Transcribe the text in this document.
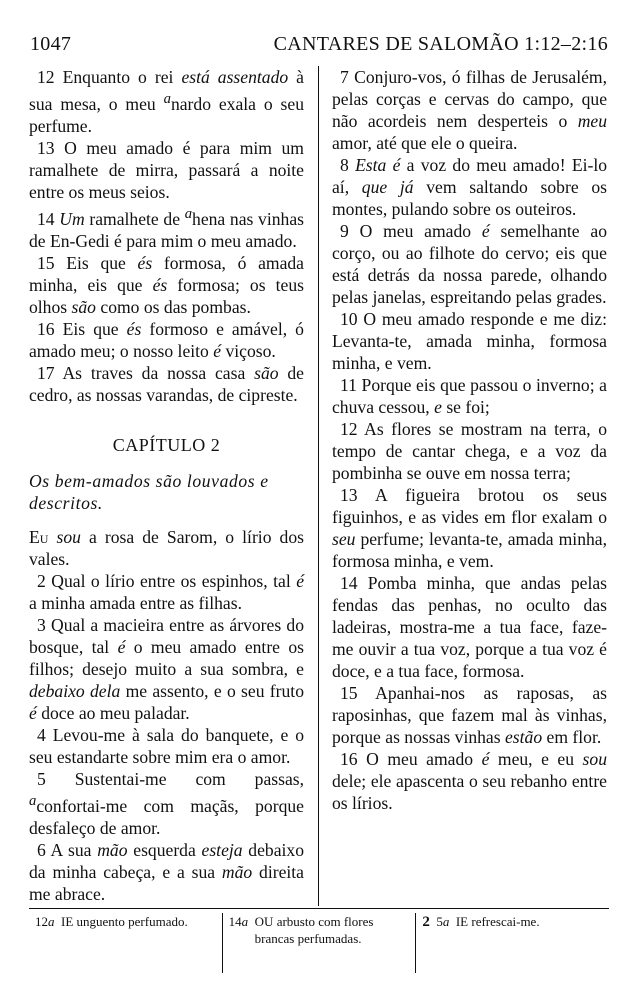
1047	CANTARES DE SALOMÃO 1:12–2:16

12 Enquanto o rei está assentado à sua mesa, o meu $^a$nardo exala o seu perfume.

13 O meu amado é para mim um ramalhete de mirra, passará a noite entre os meus seios.

14 Um ramalhete de $^a$hena nas vinhas de En-Gedi é para mim o meu amado.

15 Eis que és formosa, ó amada minha, eis que és formosa; os teus olhos são como os das pombas.

16 Eis que és formoso e amável, ó amado meu; o nosso leito é viçoso.

17 As traves da nossa casa são de cedro, as nossas varandas, de cipreste.

CAPÍTULO 2

Os bem-amados são louvados e descritos.

Eu sou a rosa de Sarom, o lírio dos vales.

2 Qual o lírio entre os espinhos, tal é a minha amada entre as filhas.

3 Qual a macieira entre as árvores do bosque, tal é o meu amado entre os filhos; desejo muito a sua sombra, e debaixo dela me assento, e o seu fruto é doce ao meu paladar.

4 Levou-me à sala do banquete, e o seu estandarte sobre mim era o amor.

5 Sustentai-me com passas, $^a$confortai-me com maçãs, porque desfaleço de amor.

6 A sua mão esquerda esteja debaixo da minha cabeça, e a sua mão direita me abrace.

7 Conjuro-vos, ó filhas de Jerusalém, pelas corças e cervas do campo, que não acordeis nem despertеis o meu amor, até que ele o queira.

8 Esta é a voz do meu amado! Ei-lo aí, que já vem saltando sobre os montes, pulando sobre os outeiros.

9 O meu amado é semelhante ao corço, ou ao filhote do cervo; eis que está detrás da nossa parede, olhando pelas janelas, espreitando pelas grades.

10 O meu amado responde e me diz: Levanta-te, amada minha, formosa minha, e vem.

11 Porque eis que passou o inverno; a chuva cessou, e se foi;

12 As flores se mostram na terra, o tempo de cantar chega, e a voz da pombinha se ouve em nossa terra;

13 A figueira brotou os seus figuinhos, e as vides em flor exalam o seu perfume; levanta-te, amada minha, formosa minha, e vem.

14 Pomba minha, que andas pelas fendas das penhas, no oculto das ladeiras, mostra-me a tua face, faze-me ouvir a tua voz, porque a tua voz é doce, e a tua face, formosa.

15 Apanhai-nos as raposas, as raposinhas, que fazem mal às vinhas, porque as nossas vinhas estão em flor.

16 O meu amado é meu, e eu sou dele; ele apascenta o seu rebanho entre os lírios.

12a IE unguento perfumado.	14a OU arbusto com flores brancas perfumadas.
2 5a IE refrescai-me.
